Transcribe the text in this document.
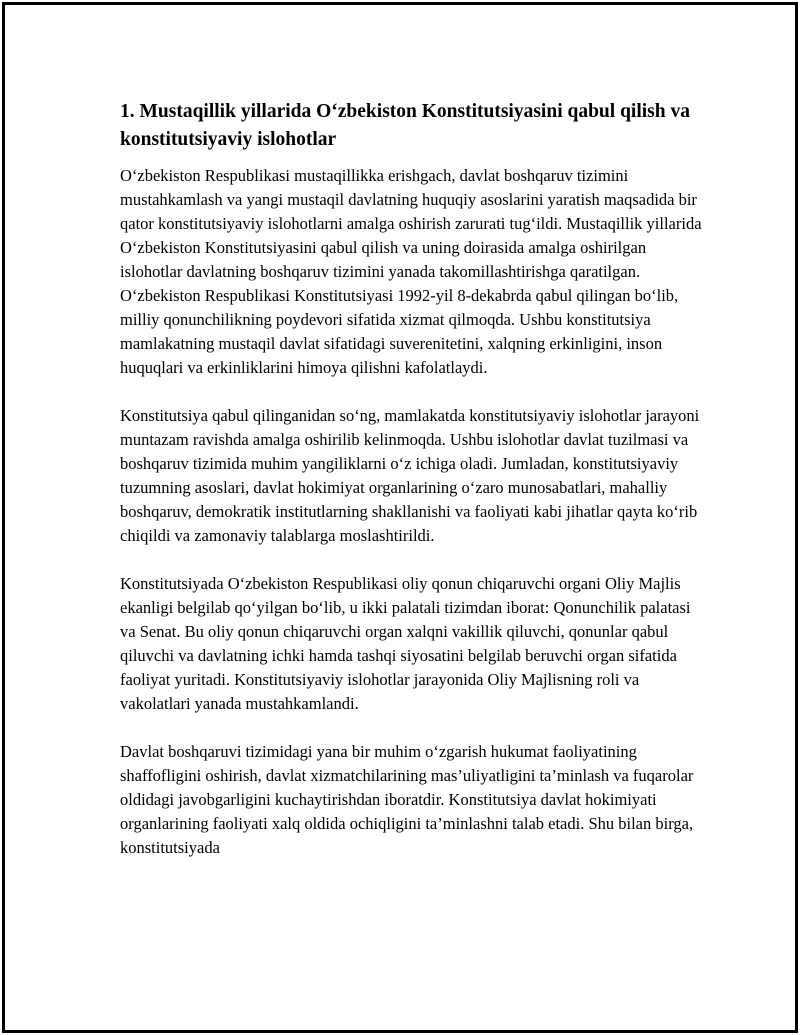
1. Mustaqillik yillarida O‘zbekiston Konstitutsiyasini qabul qilish va konstitutsiyaviy islohotlar

O‘zbekiston Respublikasi mustaqillikka erishgach, davlat boshqaruv tizimini mustahkamlash va yangi mustaqil davlatning huquqiy asoslarini yaratish maqsadida bir qator konstitutsiyaviy islohotlarni amalga oshirish zarurati tug‘ildi. Mustaqillik yillarida O‘zbekiston Konstitutsiyasini qabul qilish va uning doirasida amalga oshirilgan islohotlar davlatning boshqaruv tizimini yanada takomillashtirishga qaratilgan. O‘zbekiston Respublikasi Konstitutsiyasi 1992-yil 8-dekabrda qabul qilingan bo‘lib, milliy qonunchilikning poydevori sifatida xizmat qilmoqda. Ushbu konstitutsiya mamlakatning mustaqil davlat sifatidagi suverenitetini, xalqning erkinligini, inson huquqlari va erkinliklarini himoya qilishni kafolatlaydi.

Konstitutsiya qabul qilinganidan so‘ng, mamlakatda konstitutsiyaviy islohotlar jarayoni muntazam ravishda amalga oshirilib kelinmoqda. Ushbu islohotlar davlat tuzilmasi va boshqaruv tizimida muhim yangiliklarni o‘z ichiga oladi. Jumladan, konstitutsiyaviy tuzumning asoslari, davlat hokimiyat organlarining o‘zaro munosabatlari, mahalliy boshqaruv, demokratik institutlarning shakllanishi va faoliyati kabi jihatlar qayta ko‘rib chiqildi va zamonaviy talablarga moslashtirildi.

Konstitutsiyada O‘zbekiston Respublikasi oliy qonun chiqaruvchi organi Oliy Majlis ekanligi belgilab qo‘yilgan bo‘lib, u ikki palatali tizimdan iborat: Qonunchilik palatasi va Senat. Bu oliy qonun chiqaruvchi organ xalqni vakillik qiluvchi, qonunlar qabul qiluvchi va davlatning ichki hamda tashqi siyosatini belgilab beruvchi organ sifatida faoliyat yuritadi. Konstitutsiyaviy islohotlar jarayonida Oliy Majlisning roli va vakolatlari yanada mustahkamlandi.

Davlat boshqaruvi tizimidagi yana bir muhim o‘zgarish hukumat faoliyatining shaffofligini oshirish, davlat xizmatchilarining mas’uliyatligini ta’minlash va fuqarolar oldidagi javobgarligini kuchaytirishdan iboratdir. Konstitutsiya davlat hokimiyati organlarining faoliyati xalq oldida ochiqligini ta’minlashni talab etadi. Shu bilan birga, konstitutsiyada
